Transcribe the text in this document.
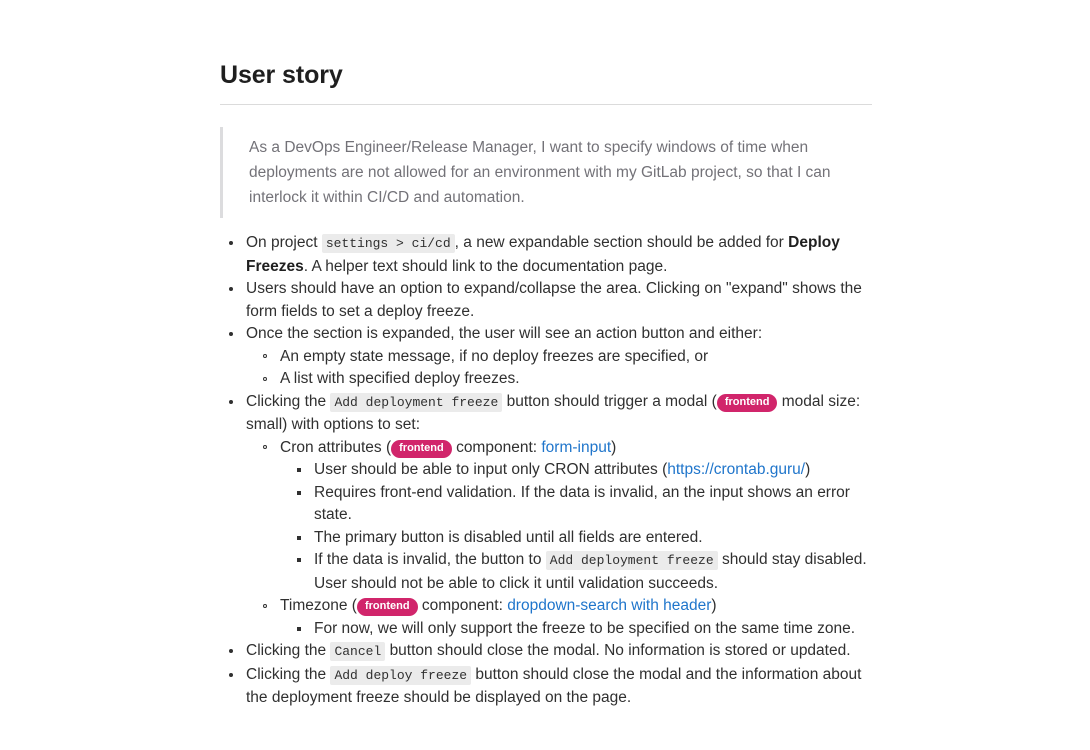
User story

As a DevOps Engineer/Release Manager, I want to specify windows of time when deployments are not allowed for an environment with my GitLab project, so that I can interlock it within CI/CD and automation.

On project settings > ci/cd , a new expandable section should be added for Deploy Freezes. A helper text should link to the documentation page.
Users should have an option to expand/collapse the area. Clicking on "expand" shows the form fields to set a deploy freeze.
Once the section is expanded, the user will see an action button and either:
An empty state message, if no deploy freezes are specified, or
A list with specified deploy freezes.
Clicking the Add deployment freeze button should trigger a modal ( frontend modal size: small) with options to set:
Cron attributes ( frontend component: form-input)
User should be able to input only CRON attributes (https://crontab.guru/)
Requires front-end validation. If the data is invalid, an the input shows an error state.
The primary button is disabled until all fields are entered.
If the data is invalid, the button to Add deployment freeze should stay disabled. User should not be able to click it until validation succeeds.
Timezone ( frontend component: dropdown-search with header)
For now, we will only support the freeze to be specified on the same time zone.
Clicking the Cancel button should close the modal. No information is stored or updated.
Clicking the Add deploy freeze button should close the modal and the information about the deployment freeze should be displayed on the page.
